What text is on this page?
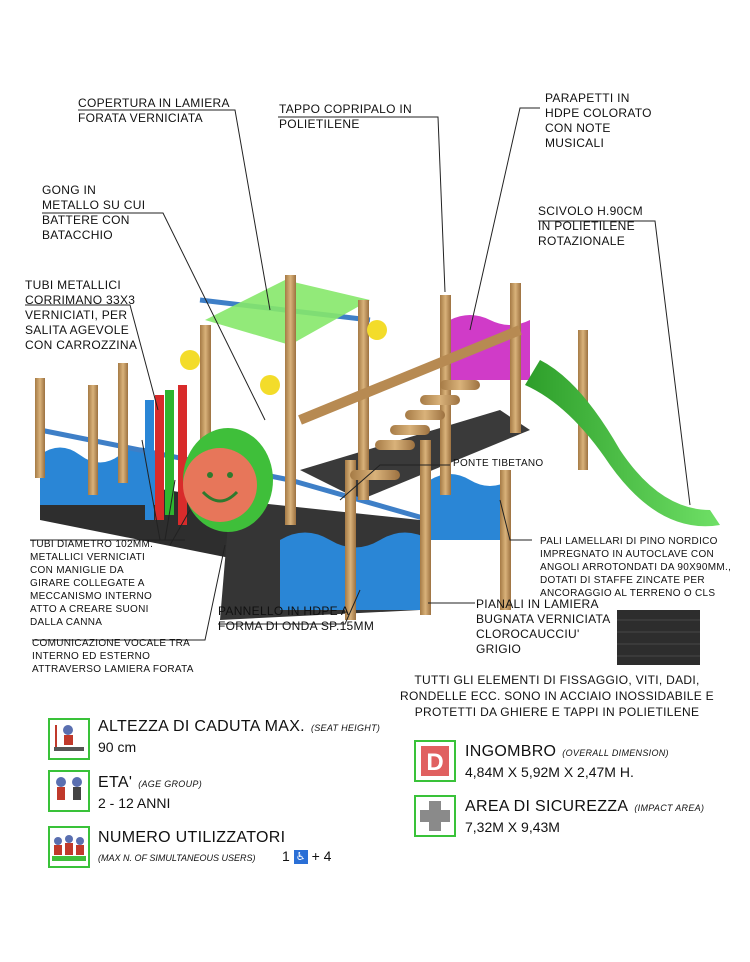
COPERTURA IN LAMIERA
FORATA VERNICIATA
TAPPO COPRIPALO IN
POLIETILENE
PARAPETTI IN
HDPE COLORATO
CON NOTE
MUSICALI
GONG IN
METALLO SU CUI
BATTERE CON
BATACCHIO
SCIVOLO H.90CM
IN POLIETILENE
ROTAZIONALE
TUBI METALLICI
CORRIMANO 33X3
VERNICIATI, PER
SALITA AGEVOLE
CON CARROZZINA
PONTE TIBETANO
TUBI DIAMETRO 102MM.
METALLICI VERNICIATI
CON MANIGLIE DA
GIRARE COLLEGATE A
MECCANISMO INTERNO
ATTO A CREARE SUONI
DALLA CANNA
PALI LAMELLARI DI PINO NORDICO
IMPREGNATO IN AUTOCLAVE CON
ANGOLI ARROTONDATI DA 90X90MM.,
DOTATI DI STAFFE ZINCATE PER
ANCORAGGIO AL TERRENO O CLS
PANNELLO IN HDPE A
FORMA DI ONDA SP.15MM
COMUNICAZIONE VOCALE TRA
INTERNO ED ESTERNO
ATTRAVERSO LAMIERA FORATA
PIANALI IN LAMIERA
BUGNATA VERNICIATA
CLOROCAUCCIU'
GRIGIO
TUTTI GLI ELEMENTI DI FISSAGGIO, VITI, DADI,
RONDELLE ECC. SONO IN ACCIAIO INOSSIDABILE E
PROTETTI DA GHIERE E TAPPI IN POLIETILENE
ALTEZZA DI CADUTA MAX. (SEAT HEIGHT)
90 cm
ETA' (AGE GROUP)
2 - 12 ANNI
NUMERO UTILIZZATORI
(MAX N. OF SIMULTANEOUS USERS) 1 ♿ + 4
D INGOMBRO (OVERALL DIMENSION)
4,84M X 5,92M X 2,47M H.
AREA DI SICUREZZA (IMPACT AREA)
7,32M X 9,43M
